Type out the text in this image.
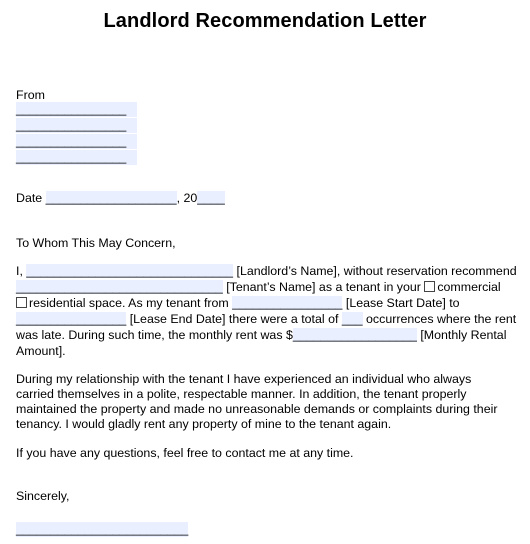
Landlord Recommendation Letter
From
________________
________________
________________
________________
Date ___________________, 20____
To Whom This May Concern,
I, ______________________________ [Landlord’s Name], without reservation recommend
______________________________ [Tenant’s Name] as a tenant in your commercial
residential space. As my tenant from ________________ [Lease Start Date] to
________________ [Lease End Date] there were a total of ___ occurrences where the rent
was late. During such time, the monthly rent was $__________________ [Monthly Rental
Amount].
During my relationship with the tenant I have experienced an individual who always
carried themselves in a polite, respectable manner. In addition, the tenant properly
maintained the property and made no unreasonable demands or complaints during their
tenancy. I would gladly rent any property of mine to the tenant again.
If you have any questions, feel free to contact me at any time.
Sincerely,
_________________________
